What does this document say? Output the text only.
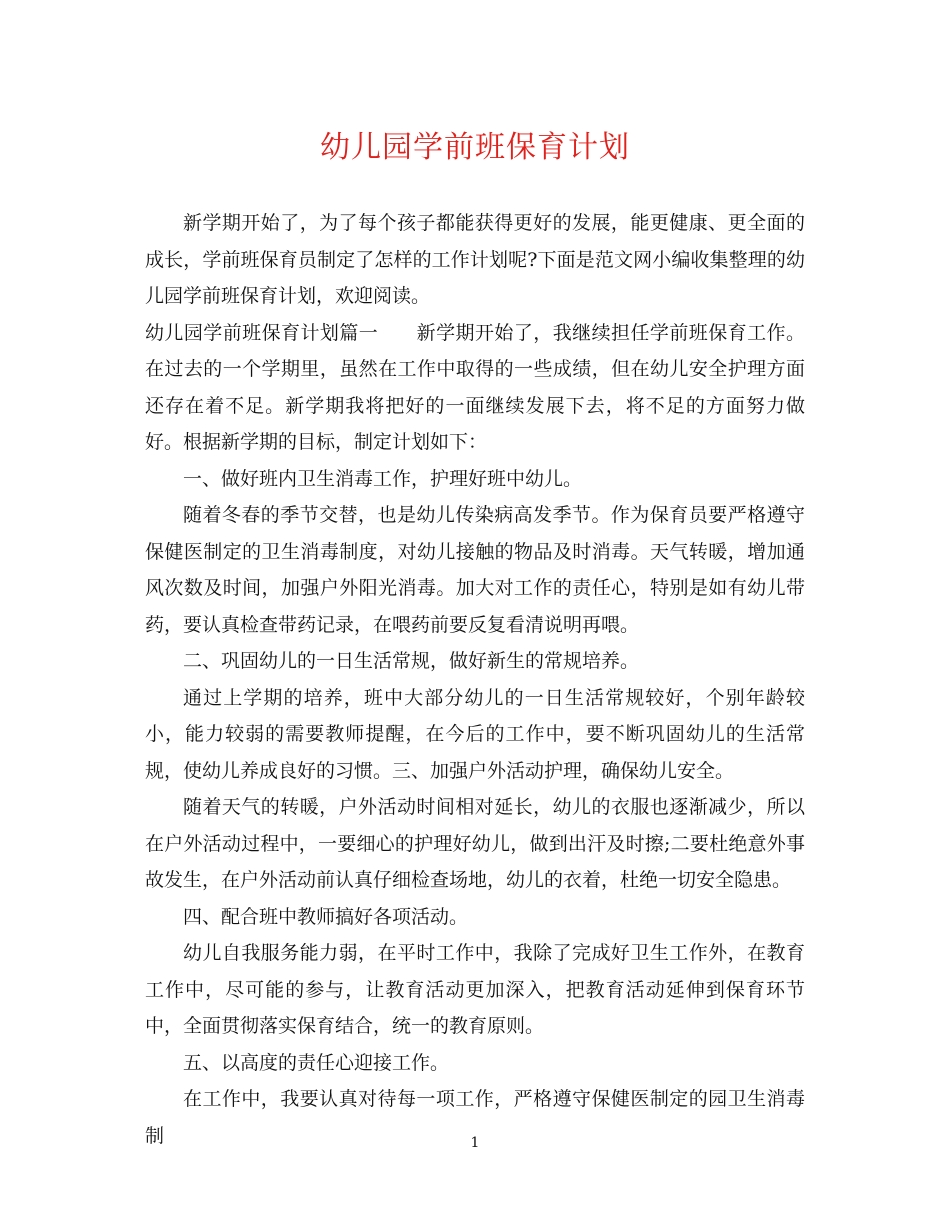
幼儿园学前班保育计划

新学期开始了，为了每个孩子都能获得更好的发展，能更健康、更全面的成长，学前班保育员制定了怎样的工作计划呢?下面是范文网小编收集整理的幼儿园学前班保育计划，欢迎阅读。

幼儿园学前班保育计划篇一 新学期开始了，我继续担任学前班保育工作。在过去的一个学期里，虽然在工作中取得的一些成绩，但在幼儿安全护理方面还存在着不足。新学期我将把好的一面继续发展下去，将不足的方面努力做好。根据新学期的目标，制定计划如下：

一、做好班内卫生消毒工作，护理好班中幼儿。

随着冬春的季节交替，也是幼儿传染病高发季节。作为保育员要严格遵守保健医制定的卫生消毒制度，对幼儿接触的物品及时消毒。天气转暖，增加通风次数及时间，加强户外阳光消毒。加大对工作的责任心，特别是如有幼儿带药，要认真检查带药记录，在喂药前要反复看清说明再喂。

二、巩固幼儿的一日生活常规，做好新生的常规培养。

通过上学期的培养，班中大部分幼儿的一日生活常规较好，个别年龄较小，能力较弱的需要教师提醒，在今后的工作中，要不断巩固幼儿的生活常规，使幼儿养成良好的习惯。三、加强户外活动护理，确保幼儿安全。

随着天气的转暖，户外活动时间相对延长，幼儿的衣服也逐渐减少，所以在户外活动过程中，一要细心的护理好幼儿，做到出汗及时擦;二要杜绝意外事故发生，在户外活动前认真仔细检查场地，幼儿的衣着，杜绝一切安全隐患。

四、配合班中教师搞好各项活动。

幼儿自我服务能力弱，在平时工作中，我除了完成好卫生工作外，在教育工作中，尽可能的参与，让教育活动更加深入，把教育活动延伸到保育环节中，全面贯彻落实保育结合，统一的教育原则。

五、以高度的责任心迎接工作。

在工作中，我要认真对待每一项工作，严格遵守保健医制定的园卫生消毒制	1
